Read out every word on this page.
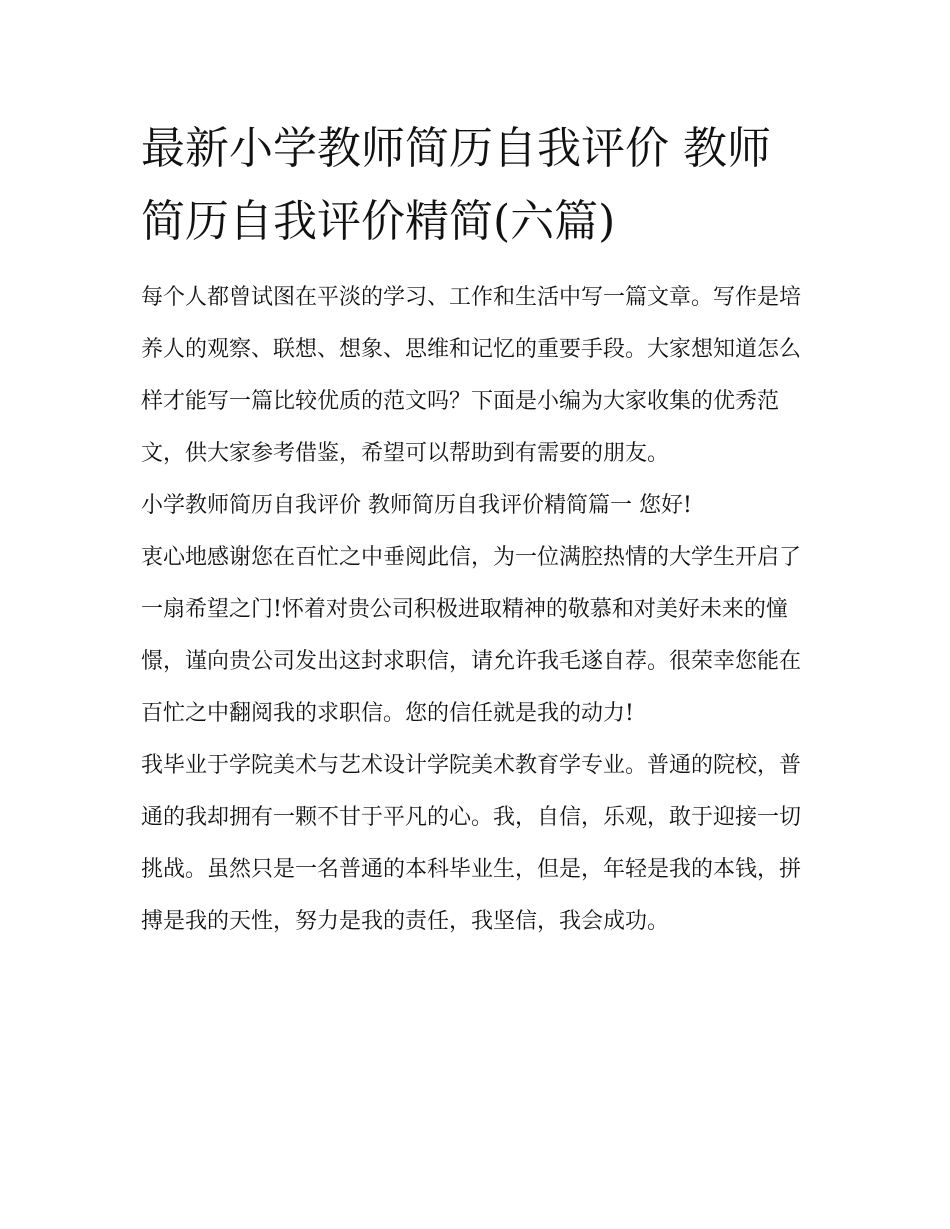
最新小学教师简历自我评价 教师简历自我评价精简(六篇)

每个人都曾试图在平淡的学习、工作和生活中写一篇文章。写作是培养人的观察、联想、想象、思维和记忆的重要手段。大家想知道怎么样才能写一篇比较优质的范文吗？下面是小编为大家收集的优秀范文，供大家参考借鉴，希望可以帮助到有需要的朋友。

小学教师简历自我评价 教师简历自我评价精简篇一 您好!

衷心地感谢您在百忙之中垂阅此信，为一位满腔热情的大学生开启了一扇希望之门!怀着对贵公司积极进取精神的敬慕和对美好未来的憧憬，谨向贵公司发出这封求职信，请允许我毛遂自荐。很荣幸您能在百忙之中翻阅我的求职信。您的信任就是我的动力!

我毕业于学院美术与艺术设计学院美术教育学专业。普通的院校，普通的我却拥有一颗不甘于平凡的心。我，自信，乐观，敢于迎接一切挑战。虽然只是一名普通的本科毕业生，但是，年轻是我的本钱，拼搏是我的天性，努力是我的责任，我坚信，我会成功。
